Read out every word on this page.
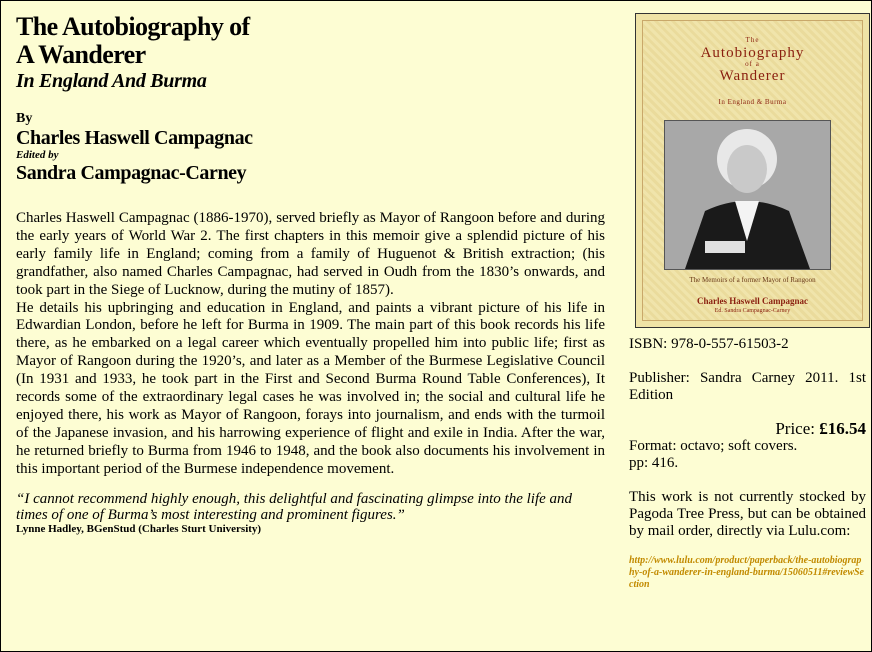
The Autobiography of
A Wanderer
In England And Burma
By
Charles Haswell Campagnac
Edited by
Sandra Campagnac-Carney

Charles Haswell Campagnac (1886-1970), served briefly as Mayor of Rangoon before and during the early years of World War 2. The first chapters in this memoir give a splendid picture of his early family life in England; coming from a family of Huguenot & British extraction; (his grandfather, also named Charles Campagnac, had served in Oudh from the 1830’s onwards, and took part in the Siege of Lucknow, during the mutiny of 1857).

He details his upbringing and education in England, and paints a vibrant picture of his life in Edwardian London, before he left for Burma in 1909. The main part of this book records his life there, as he embarked on a legal career which eventually propelled him into public life; first as Mayor of Rangoon during the 1920’s, and later as a Member of the Burmese Legislative Council (In 1931 and 1933, he took part in the First and Second Burma Round Table Conferences), It records some of the extraordinary legal cases he was involved in; the social and cultural life he enjoyed there, his work as Mayor of Rangoon, forays into journalism, and ends with the turmoil of the Japanese invasion, and his harrowing experience of flight and exile in India. After the war, he returned briefly to Burma from 1946 to 1948, and the book also documents his involvement in this important period of the Burmese independence movement.

“I cannot recommend highly enough, this delightful and fascinating glimpse into the life and times of one of Burma’s most interesting and prominent figures.”
Lynne Hadley, BGenStud (Charles Sturt University)
The
Autobiography
of a
Wanderer
In England & Burma
The Memoirs of a former Mayor of Rangoon
Charles Haswell Campagnac
Ed. Sandra Campagnac-Carney
ISBN: 978-0-557-61503-2
Publisher: Sandra Carney 2011. 1st Edition
Price: £16.54
Format: octavo; soft covers.
pp: 416.
This work is not currently stocked by Pagoda Tree Press, but can be obtained by mail order, directly via Lulu.com:
http://www.lulu.com/product/paperback/the-autobiography-of-a-wanderer-in-england-burma/15060511#reviewSection
